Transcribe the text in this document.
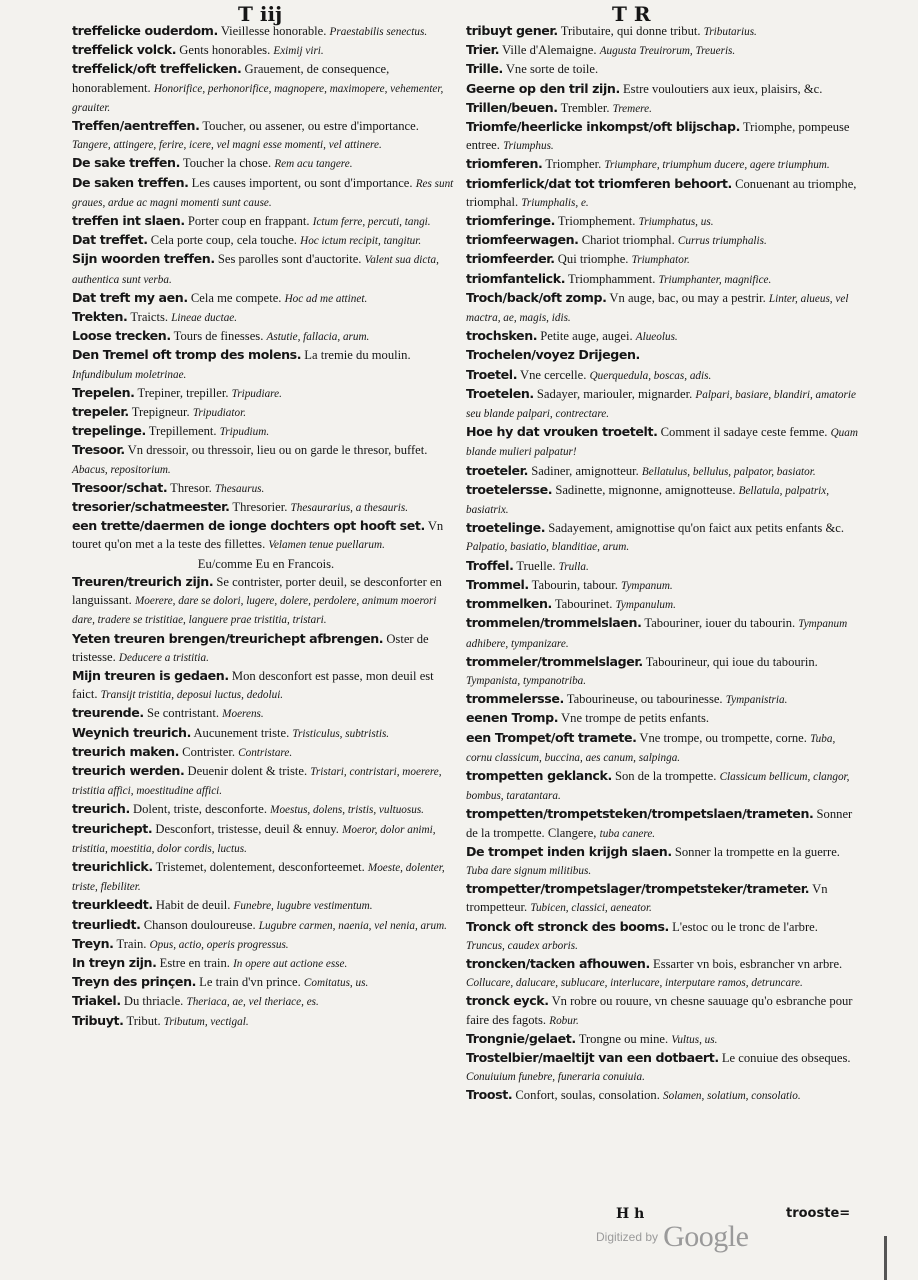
T iij	T R

treffelicke ouderdom. Vieillesse honorable. Praestabilis senectus.

treffelick volck. Gents honorables. Eximij viri.

treffelick/oft treffelicken. Grauement, de consequence, honorablement. Honorifice, perhonorifice, magnopere, maximopere, vehementer, grauiter.

Treffen/aentreffen. Toucher, ou assener, ou estre d'importance. Tangere, attingere, ferire, icere, vel magni esse momenti, vel attinere.

De sake treffen. Toucher la chose. Rem acu tangere.

De saken treffen. Les causes importent, ou sont d'importance. Res sunt graues, ardue ac magni momenti sunt cause.

treffen int slaen. Porter coup en frappant. Ictum ferre, percuti, tangi.

Dat treffet. Cela porte coup, cela touche. Hoc ictum recipit, tangitur.

Sijn woorden treffen. Ses parolles sont d'auctorite. Valent sua dicta, authentica sunt verba.

Dat treft my aen. Cela me compete. Hoc ad me attinet.

Trekten. Traicts. Lineae ductae.

Loose trecken. Tours de finesses. Astutie, fallacia, arum.

Den Tremel oft tromp des molens. La tremie du moulin. Infundibulum moletrinae.

Trepelen. Trepiner, trepiller. Tripudiare.

trepeler. Trepigneur. Tripudiator.

trepelinge. Trepillement. Tripudium.

Tresoor. Vn dressoir, ou thressoir, lieu ou on garde le thresor, buffet. Abacus, repositorium.

Tresoor/schat. Thresor. Thesaurus.

tresorier/schatmeester. Thresorier. Thesaurarius, a thesauris.

een trette/daermen de ionge dochters opt hooft set. Vn touret qu'on met a la teste des fillettes. Velamen tenue puellarum.

Eu/comme Eu en Francois.

Treuren/treurich zijn. Se contrister, porter deuil, se desconforter en languissant. Moerere, dare se dolori, lugere, dolere, perdolere, animum moerori dare, tradere se tristitiae, languere prae tristitia, tristari.

Yeten treuren brengen/treurichept afbrengen. Oster de tristesse. Deducere a tristitia.

Mijn treuren is gedaen. Mon desconfort est passe, mon deuil est faict. Transijt tristitia, deposui luctus, dedolui.

treurende. Se contristant. Moerens.

Weynich treurich. Aucunement triste. Tristiculus, subtristis.

treurich maken. Contrister. Contristare.

treurich werden. Deuenir dolent & triste. Tristari, contristari, moerere, tristitia affici, moestitudine affici.

treurich. Dolent, triste, desconforte. Moestus, dolens, tristis, vultuosus.

treurichept. Desconfort, tristesse, deuil & ennuy. Moeror, dolor animi, tristitia, moestitia, dolor cordis, luctus.

treurichlick. Tristemet, dolentement, desconforteemet. Moeste, dolenter, triste, flebiliter.

treurkleedt. Habit de deuil. Funebre, lugubre vestimentum.

treurliedt. Chanson douloureuse. Lugubre carmen, naenia, vel nenia, arum.

Treyn. Train. Opus, actio, operis progressus.

In treyn zijn. Estre en train. In opere aut actione esse.

Treyn des prinçen. Le train d'vn prince. Comitatus, us.

Triakel. Du thriacle. Theriaca, ae, vel theriace, es.

Tribuyt. Tribut. Tributum, vectigal.

tribuyt gener. Tributaire, qui donne tribut. Tributarius.

Trier. Ville d'Alemaigne. Augusta Treuirorum, Treueris.

Trille. Vne sorte de toile.

Geerne op den tril zijn. Estre vouloutiers aux ieux, plaisirs, &c.

Trillen/beuen. Trembler. Tremere.

Triomfe/heerlicke inkompst/oft blijschap. Triomphe, pompeuse entree. Triumphus.

triomferen. Triompher. Triumphare, triumphum ducere, agere triumphum.

triomferlick/dat tot triomferen behoort. Conuenant au triomphe, triomphal. Triumphalis, e.

triomferinge. Triomphement. Triumphatus, us.

triomfeerwagen. Chariot triomphal. Currus triumphalis.

triomfeerder. Qui triomphe. Triumphator.

triomfantelick. Triomphamment. Triumphanter, magnifice.

Troch/back/oft zomp. Vn auge, bac, ou may a pestrir. Linter, alueus, vel mactra, ae, magis, idis.

trochsken. Petite auge, augei. Alueolus.

Trochelen/voyez Drijegen.

Troetel. Vne cercelle. Querquedula, boscas, adis.

Troetelen. Sadayer, mariouler, mignarder. Palpari, basiare, blandiri, amatorie seu blande palpari, contrectare.

Hoe hy dat vrouken troetelt. Comment il sadaye ceste femme. Quam blande mulieri palpatur!

troeteler. Sadiner, amignotteur. Bellatulus, bellulus, palpator, basiator.

troetelersse. Sadinette, mignonne, amignotteuse. Bellatula, palpatrix, basiatrix.

troetelinge. Sadayement, amignottise qu'on faict aux petits enfants &c. Palpatio, basiatio, blanditiae, arum.

Troffel. Truelle. Trulla.

Trommel. Tabourin, tabour. Tympanum.

trommelken. Tabourinet. Tympanulum.

trommelen/trommelslaen. Tabouriner, iouer du tabourin. Tympanum adhibere, tympanizare.

trommeler/trommelslager. Tabourineur, qui ioue du tabourin. Tympanista, tympanotriba.

trommelersse. Tabourineuse, ou tabourinesse. Tympanistria.

eenen Tromp. Vne trompe de petits enfants.

een Trompet/oft tramete. Vne trompe, ou trompette, corne. Tuba, cornu classicum, buccina, aes canum, salpinga.

trompetten geklanck. Son de la trompette. Classicum bellicum, clangor, bombus, taratantara.

trompetten/trompetsteken/trompetslaen/trameten. Sonner de la trompette. Clangere, tuba canere.

De trompet inden krijgh slaen. Sonner la trompette en la guerre. Tuba dare signum militibus.

trompetter/trompetslager/trompetsteker/trameter. Vn trompetteur. Tubicen, classici, aeneator.

Tronck oft stronck des booms. L'estoc ou le tronc de l'arbre. Truncus, caudex arboris.

troncken/tacken afhouwen. Essarter vn bois, esbrancher vn arbre. Collucare, dalucare, sublucare, interlucare, interputare ramos, detruncare.

tronck eyck. Vn robre ou rouure, vn chesne sauuage qu'o esbranche pour faire des fagots. Robur.

Trongnie/gelaet. Trongne ou mine. Vultus, us.

Trostelbier/maeltijt van een dotbaert. Le conuiue des obseques. Conuiuium funebre, funeraria conuiuia.

Troost. Confort, soulas, consolation. Solamen, solatium, consolatio.

H h	trooste=
Digitized by Google
